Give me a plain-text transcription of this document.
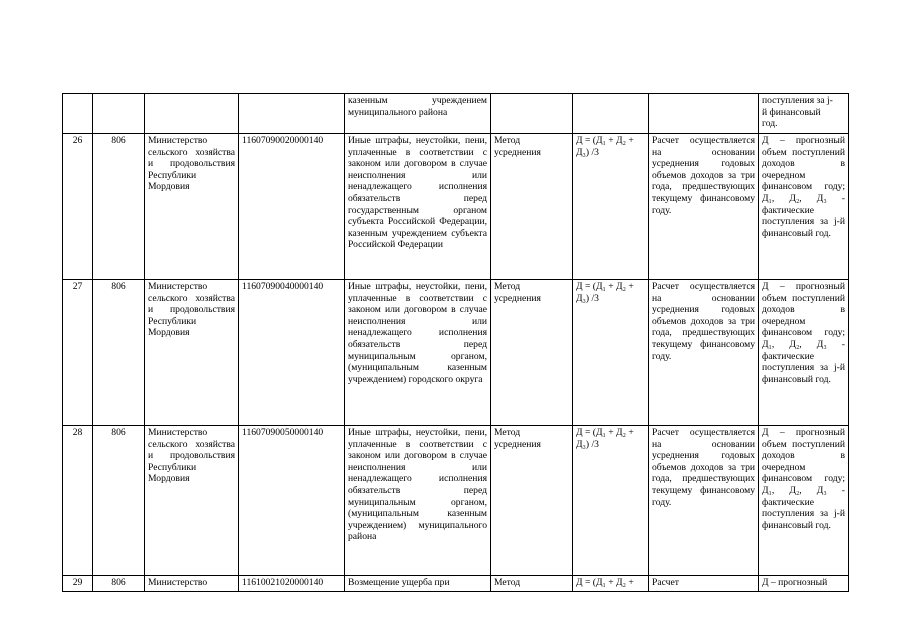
				казенным учреждением муниципального района				поступления за j-
й финансовый
год.

26	806	Министерство сельского хозяйства и продовольствия Республики Мордовия	11607090020000140	Иные штрафы, неустойки, пени, уплаченные в соответствии с законом или договором в случае неисполнения или ненадлежащего исполнения обязательств перед государственным органом субъекта Российской Федерации, казенным учреждением субъекта Российской Федерации	Метод усреднения	Д = (Д₁ + Д₂ + Д₃) /3	Расчет осуществляется на основании усреднения годовых объемов доходов за три года, предшествующих текущему финансовому году.	Д – прогнозный объем поступлений доходов в очередном финансовом году; Д₁, Д₂, Д₃ - фактические поступления за j-й финансовый год.
27	806	Министерство сельского хозяйства и продовольствия Республики Мордовия	11607090040000140	Иные штрафы, неустойки, пени, уплаченные в соответствии с законом или договором в случае неисполнения или ненадлежащего исполнения обязательств перед муниципальным органом, (муниципальным казенным учреждением) городского округа	Метод усреднения	Д = (Д₁ + Д₂ + Д₃) /3	Расчет осуществляется на основании усреднения годовых объемов доходов за три года, предшествующих текущему финансовому году.	Д – прогнозный объем поступлений доходов в очередном финансовом году; Д₁, Д₂, Д₃ - фактические поступления за j-й финансовый год.
28	806	Министерство сельского хозяйства и продовольствия Республики Мордовия	11607090050000140	Иные штрафы, неустойки, пени, уплаченные в соответствии с законом или договором в случае неисполнения или ненадлежащего исполнения обязательств перед муниципальным органом, (муниципальным казенным учреждением) муниципального района	Метод усреднения	Д = (Д₁ + Д₂ + Д₃) /3	Расчет осуществляется на основании усреднения годовых объемов доходов за три года, предшествующих текущему финансовому году.	Д – прогнозный объем поступлений доходов в очередном финансовом году; Д₁, Д₂, Д₃ - фактические поступления за j-й финансовый год.
29	806	Министерство	11610021020000140	Возмещение ущерба при	Метод	Д = (Д₁ + Д₂ +	Расчет	Д – прогнозный
